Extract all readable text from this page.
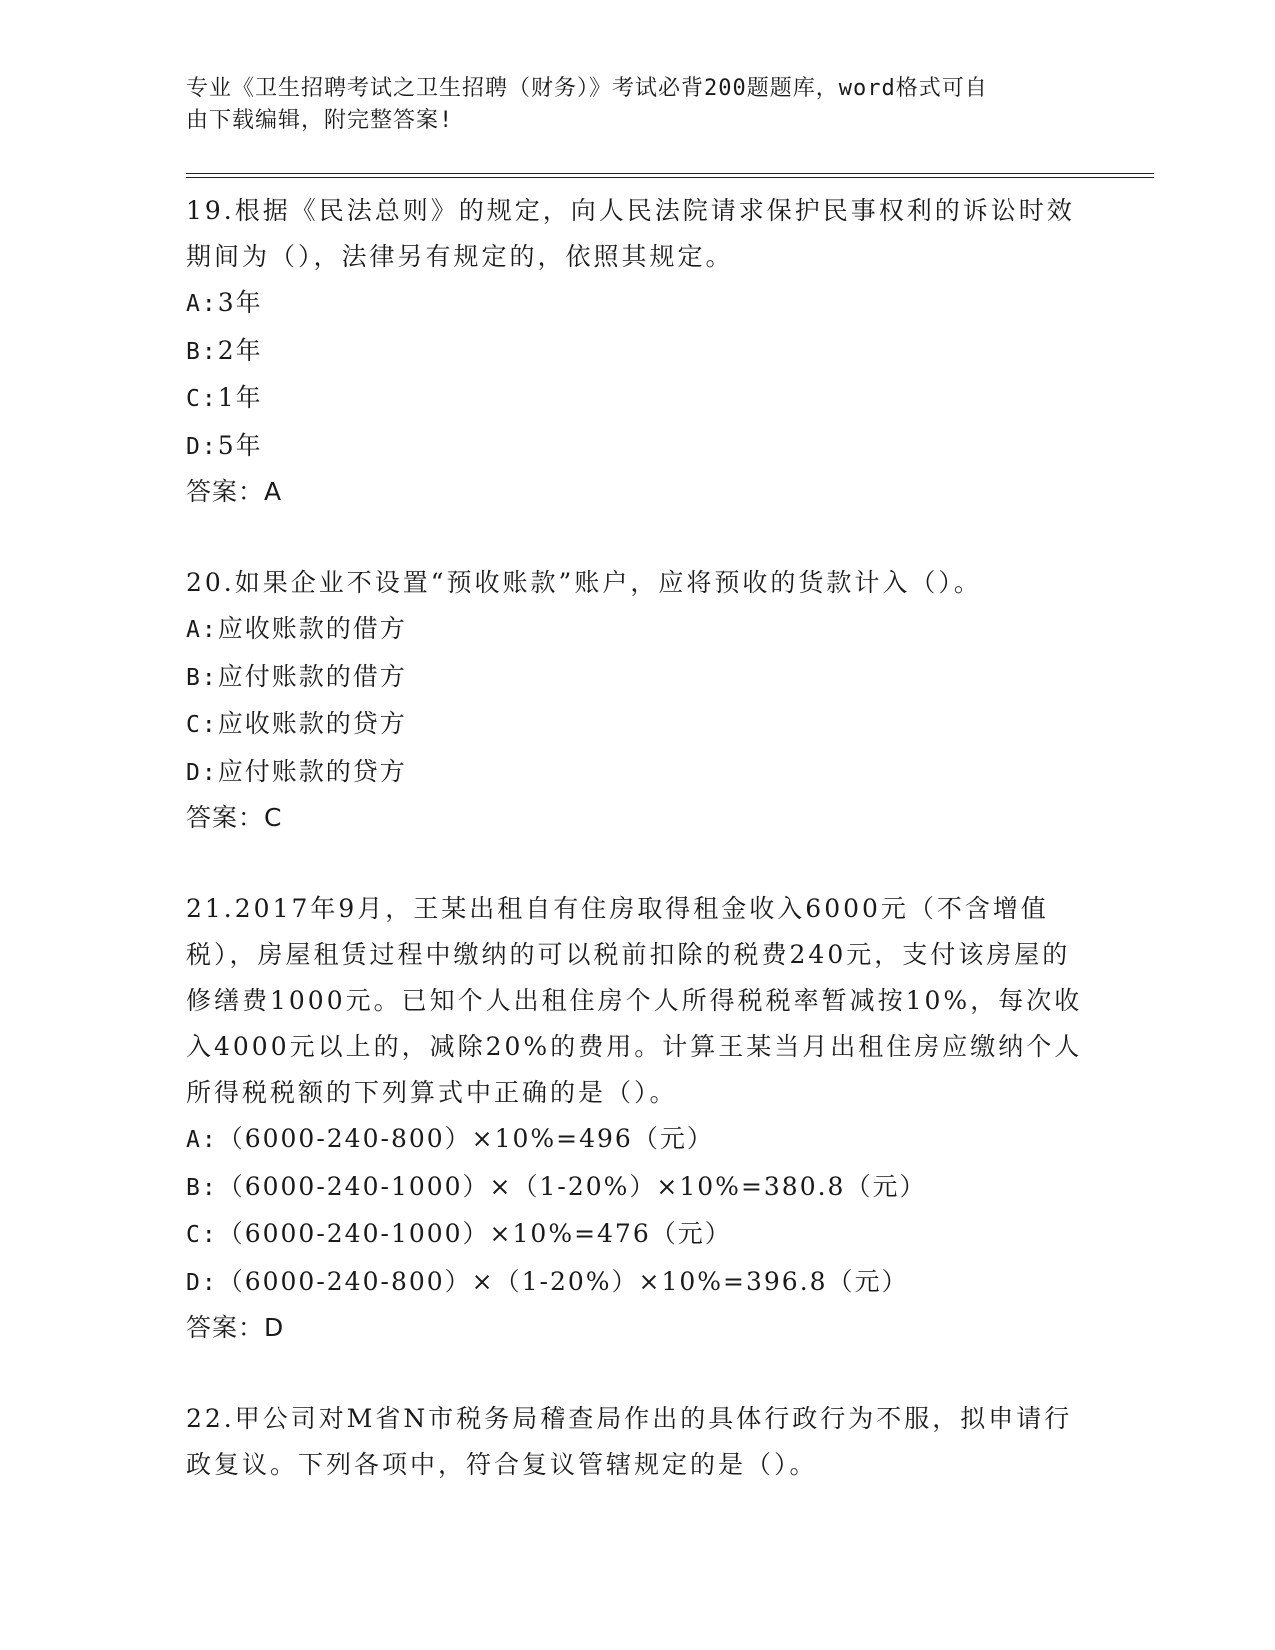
专业《卫生招聘考试之卫生招聘（财务）》考试必背200题题库，word格式可自
由下载编辑，附完整答案!

19.根据《民法总则》的规定，向人民法院请求保护民事权利的诉讼时效期间为（），法律另有规定的，依照其规定。

A:3年
B:2年
C:1年
D:5年
答案：A

20.如果企业不设置“预收账款”账户，应将预收的货款计入（）。

A:应收账款的借方
B:应付账款的借方
C:应收账款的贷方
D:应付账款的贷方
答案：C

21.2017年9月，王某出租自有住房取得租金收入6000元（不含增值税），房屋租赁过程中缴纳的可以税前扣除的税费240元，支付该房屋的修缮费1000元。已知个人出租住房个人所得税税率暂减按10%，每次收入4000元以上的，减除20%的费用。计算王某当月出租住房应缴纳个人所得税税额的下列算式中正确的是（）。

A:（6000-240-800）×10%=496（元）
B:（6000-240-1000）×（1-20%）×10%=380.8（元）
C:（6000-240-1000）×10%=476（元）
D:（6000-240-800）×（1-20%）×10%=396.8（元）
答案：D

22.甲公司对M省N市税务局稽查局作出的具体行政行为不服，拟申请行政复议。下列各项中，符合复议管辖规定的是（）。
